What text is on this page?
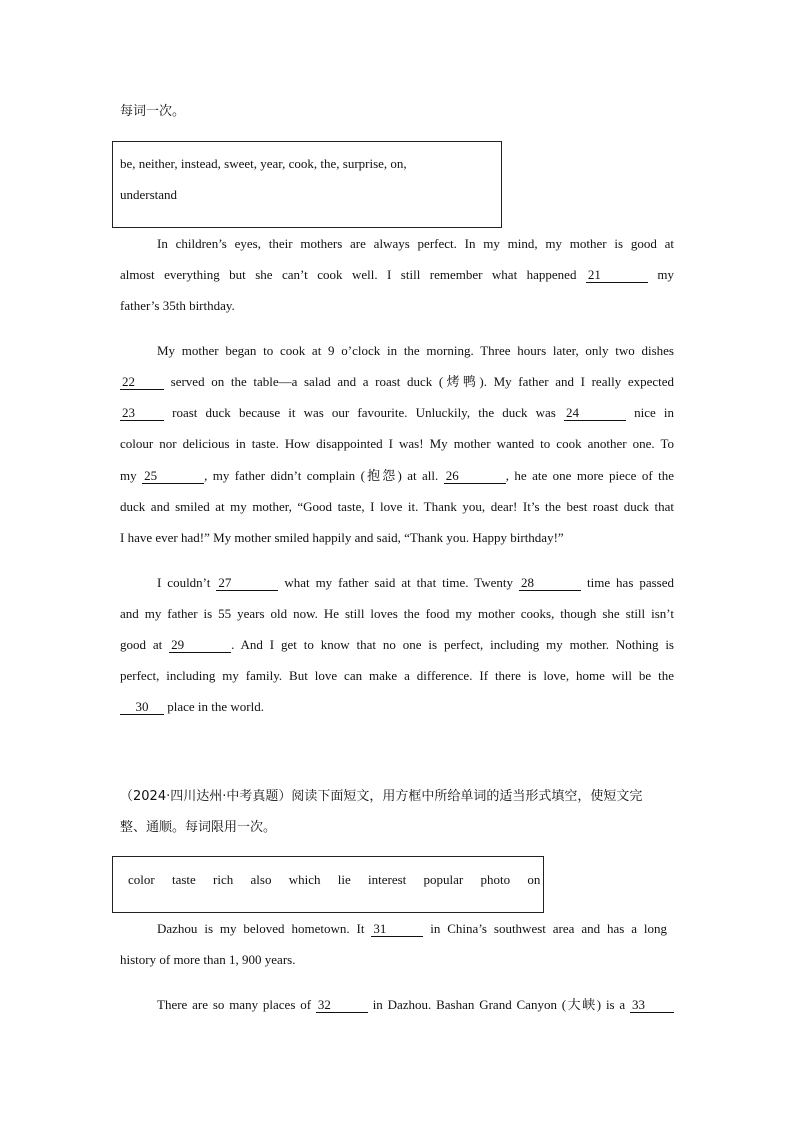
每词一次。
be, neither, instead, sweet, year, cook, the, surprise, on,
understand
In children’s eyes, their mothers are always perfect. In my mind, my mother is good at
almost everything but she can’t cook well. I still remember what happened 21	my
father’s 35th birthday.
My mother began to cook at 9 o’clock in the morning. Three hours later, only two dishes
22	served on the table—a salad and a roast duck (烤鸭). My father and I really expected
23	roast duck because it was our favourite. Unluckily, the duck was 24	nice in
colour nor delicious in taste. How disappointed I was! My mother wanted to cook another one. To
my 25	, my father didn’t complain (抱怨) at all. 26	, he ate one more piece of the
duck and smiled at my mother, “Good taste, I love it. Thank you, dear! It’s the best roast duck that
I have ever had!” My mother smiled happily and said, “Thank you. Happy birthday!”
I couldn’t 27	what my father said at that time. Twenty 28	time has passed
and my father is 55 years old now. He still loves the food my mother cooks, though she still isn’t
good at 29	. And I get to know that no one is perfect, including my mother. Nothing is
perfect, including my family. But love can make a difference. If there is love, home will be the
30 place in the world.
（2024·四川达州·中考真题）阅读下面短文，用方框中所给单词的适当形式填空，使短文完
整、通顺。每词限用一次。
color taste rich also which lie interest popular photo on
Dazhou is my beloved hometown. It 31	in China’s southwest area and has a long
history of more than 1, 900 years.
There are so many places of 32	in Dazhou. Bashan Grand Canyon (大峡) is a 33
